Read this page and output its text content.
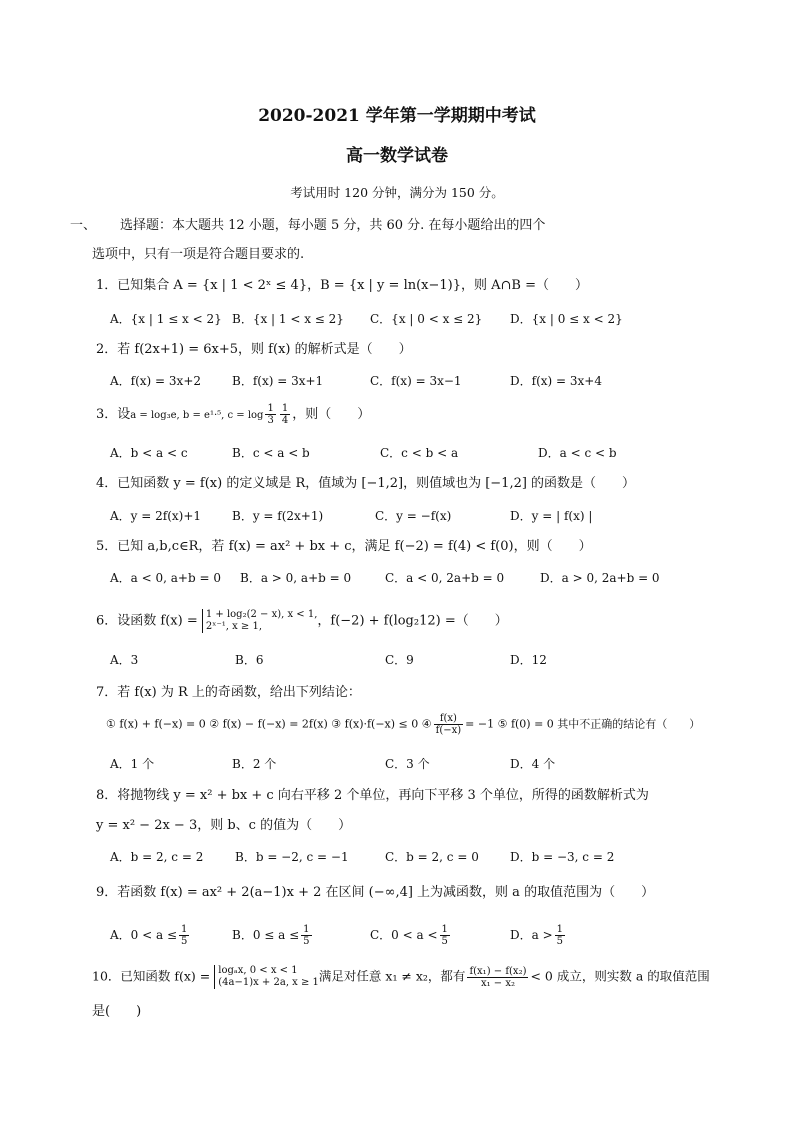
2020-2021 学年第一学期期中考试
高一数学试卷
考试用时 120 分钟，满分为 150 分。
一、 选择题：本大题共 12 小题，每小题 5 分，共 60 分. 在每小题给出的四个
选项中，只有一项是符合题目要求的.
1．已知集合 A = {x | 1 < 2ˣ ≤ 4}，B = {x | y = ln(x−1)}，则 A∩B =（　　）
A．{x | 1 ≤ x < 2} B．{x | 1 < x ≤ 2} C．{x | 0 < x ≤ 2} D．{x | 0 ≤ x < 2}
2．若 f(2x+1) = 6x+5，则 f(x) 的解析式是（　　）
A．f(x) = 3x+2	B．f(x) = 3x+1	C．f(x) = 3x−1	D．f(x) = 3x+4
3．设a = log₃e, b = e¹·⁵, $c = \log \frac{1}{3} \frac{1}{4}$ ，则（　　）
A．b < a < c	B．c < a < b	C．c < b < a	D．a < c < b
4．已知函数 y = f(x) 的定义域是 R，值域为 [−1,2]，则值域也为 [−1,2] 的函数是（　　）
A．y = 2f(x)+1	B．y = f(2x+1)	C．y = −f(x)	D．y = | f(x) |
5．已知 a,b,c∈R，若 f(x) = ax² + bx + c，满足 f(−2) = f(4) < f(0)，则（　　）
A．a < 0, a+b = 0 B．a > 0, a+b = 0	C．a < 0, 2a+b = 0	D．a > 0, 2a+b = 0
6．设函数 f(x) = 1 + log₂(2 − x), x < 1,
2ˣ⁻¹, x ≥ 1,	，f(−2) + f(log₂12) =（　　）
A．3	B．6	C．9	D．12
7．若 f(x) 为 R 上的奇函数，给出下列结论：
① f(x) + f(−x) = 0 ② f(x) − f(−x) = 2f(x) ③ f(x)·f(−x) ≤ 0 ④ $\frac{f(x)}{f(-x)} = -1$ ⑤ f(0) = 0 其中不正确的结论有（　　）
A．1 个	B．2 个	C．3 个	D．4 个
8．将抛物线 y = x² + bx + c 向右平移 2 个单位，再向下平移 3 个单位，所得的函数解析式为
y = x² − 2x − 3，则 b、c 的值为（　　）
A．b = 2, c = 2	B．b = −2, c = −1	C．b = 2, c = 0	D．b = −3, c = 2
9．若函数 f(x) = ax² + 2(a−1)x + 2 在区间 (−∞,4] 上为减函数，则 a 的取值范围为（　　）
A．$0 < a \le \frac{1}{5}$	B．$0 \le a \le \frac{1}{5}$	C．$0 < a < \frac{1}{5}$	D．$a > \frac{1}{5}$
10．已知函数 f(x) = logₐx, 0 < x < 1
(4a−1)x + 2a, x ≥ 1 满足对任意 x₁ ≠ x₂，都有 $\frac{\text{f(x₁) − f(x₂)}}{\text{x₁ − x₂}} < 0$ 成立，则实数 a 的取值范围
是(　　)
